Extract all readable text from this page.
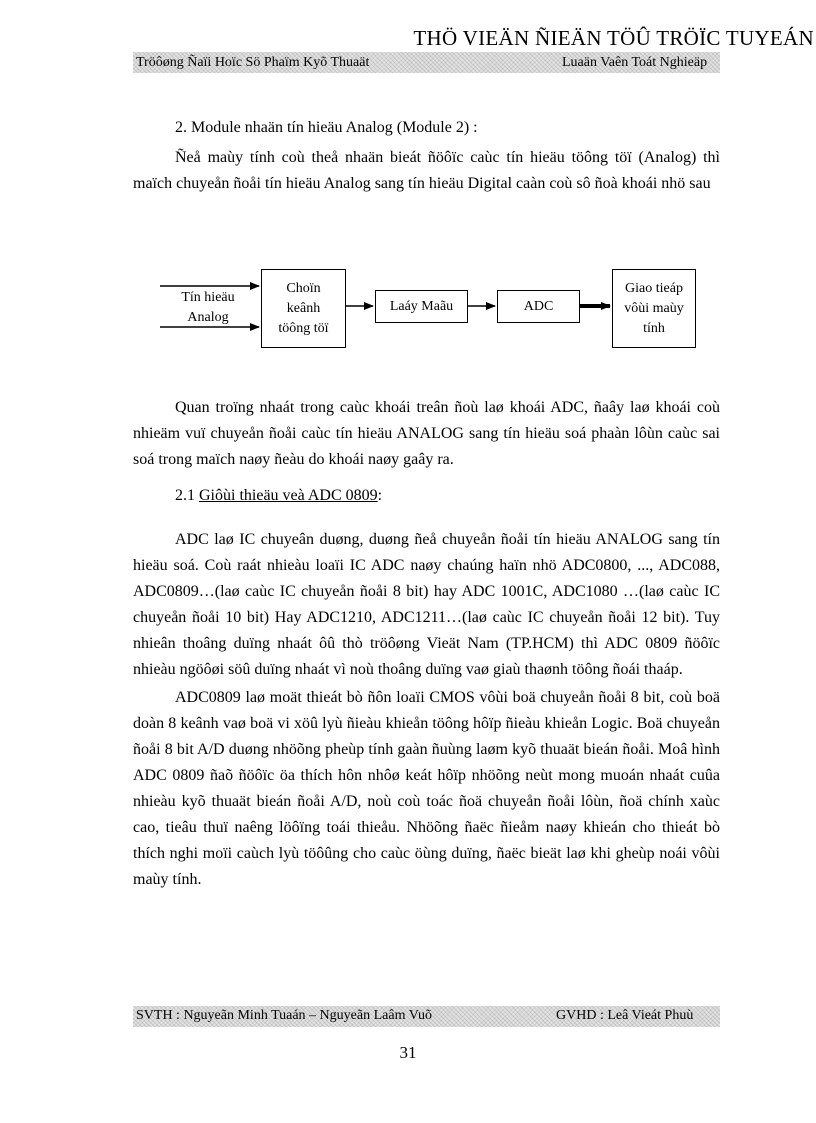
Tröôøng Ñaïi Hoïc Sö Phaïm Kyõ Thuaät	Luaän Vaên Toát Nghieäp
THÖ VIEÄN ÑIEÄN TÖÛ TRÖÏC TUYEÁN
2. Module nhaän tín hieäu Analog (Module 2) :

Ñeå maùy tính coù theå nhaän bieát ñöôïc caùc tín hieäu töông töï (Analog) thì maïch chuyeån ñoåi tín hieäu Analog sang tín hieäu Digital caàn coù sô ñoà khoái nhö sau

Tín hieäu Analog
Choïn keânh töông töï
Laáy Maãu	ADC
Giao tieáp vôùi maùy tính

Quan troïng nhaát trong caùc khoái treân ñoù laø khoái ADC, ñaây laø khoái coù nhieäm vuï chuyeån ñoåi caùc tín hieäu ANALOG sang tín hieäu soá phaàn lôùn caùc sai soá trong maïch naøy ñeàu do khoái naøy gaây ra.

2.1 Giôùi thieäu veà ADC 0809:

ADC laø IC chuyeân duøng, duøng ñeå chuyeån ñoåi tín hieäu ANALOG sang tín hieäu soá. Coù raát nhieàu loaïi IC ADC naøy chaúng haïn nhö ADC0800, ..., ADC088, ADC0809…(laø caùc IC chuyeån ñoåi 8 bit) hay ADC 1001C, ADC1080 …(laø caùc IC chuyeån ñoåi 10 bit) Hay ADC1210, ADC1211…(laø caùc IC chuyeån ñoåi 12 bit). Tuy nhieân thoâng duïng nhaát ôû thò tröôøng Vieät Nam (TP.HCM) thì ADC 0809 ñöôïc nhieàu ngöôøi söû duïng nhaát vì noù thoâng duïng vaø giaù thaønh töông ñoái thaáp.

ADC0809 laø moät thieát bò ñôn loaïi CMOS vôùi boä chuyeån ñoåi 8 bit, coù boä doàn 8 keânh vaø boä vi xöû lyù ñieàu khieån töông hôïp ñieàu khieån Logic. Boä chuyeån ñoåi 8 bit A/D duøng nhöõng pheùp tính gaàn ñuùng laøm kyõ thuaät bieán ñoåi. Moâ hình ADC 0809 ñaõ ñöôïc öa thích hôn nhôø keát hôïp nhöõng neùt mong muoán nhaát cuûa nhieàu kyõ thuaät bieán ñoåi A/D, noù coù toác ñoä chuyeån ñoåi lôùn, ñoä chính xaùc cao, tieâu thuï naêng löôïng toái thieåu. Nhöõng ñaëc ñieåm naøy khieán cho thieát bò thích nghi moïi caùch lyù töôûng cho caùc öùng duïng, ñaëc bieät laø khi gheùp noái vôùi maùy tính.

SVTH : Nguyeãn Minh Tuaán – Nguyeãn Laâm Vuõ	GVHD : Leâ Vieát Phuù
31
